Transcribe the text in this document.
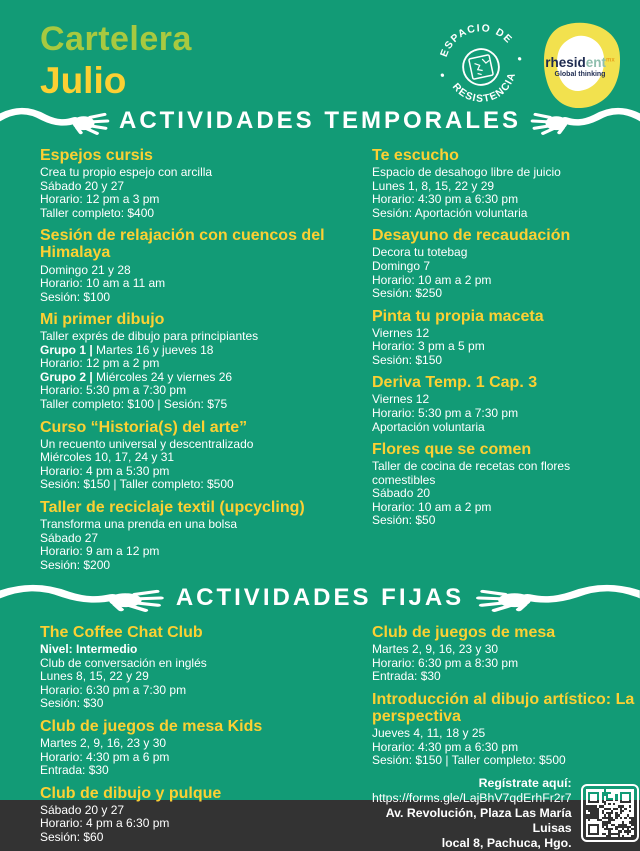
Cartelera
Julio
ESPACIO DE
RESISTENCIA
rhesident$^{mx}$
Global thinking
ACTIVIDADES TEMPORALES
Espejos cursis

Crea tu propio espejo con arcilla

Sábado 20 y 27

Horario: 12 pm a 3 pm

Taller completo: $400

Sesión de relajación con cuencos del Himalaya

Domingo 21 y 28

Horario: 10 am a 11 am

Sesión: $100

Mi primer dibujo

Taller exprés de dibujo para principiantes

Grupo 1 | Martes 16 y jueves 18

Horario: 12 pm a 2 pm

Grupo 2 | Miércoles 24 y viernes 26

Horario: 5:30 pm a 7:30 pm

Taller completo: $100 | Sesión: $75

Curso “Historia(s) del arte”

Un recuento universal y descentralizado

Miércoles 10, 17, 24 y 31

Horario: 4 pm a 5:30 pm

Sesión: $150 | Taller completo: $500

Taller de reciclaje textil (upcycling)

Transforma una prenda en una bolsa

Sábado 27

Horario: 9 am a 12 pm

Sesión: $200

Te escucho

Espacio de desahogo libre de juicio

Lunes 1, 8, 15, 22 y 29

Horario: 4:30 pm a 6:30 pm

Sesión: Aportación voluntaria

Desayuno de recaudación

Decora tu totebag

Domingo 7

Horario: 10 am a 2 pm

Sesión: $250

Pinta tu propia maceta

Viernes 12

Horario: 3 pm a 5 pm

Sesión: $150

Deriva Temp. 1 Cap. 3

Viernes 12

Horario: 5:30 pm a 7:30 pm

Aportación voluntaria

Flores que se comen

Taller de cocina de recetas con flores comestibles

Sábado 20

Horario: 10 am a 2 pm

Sesión: $50

ACTIVIDADES FIJAS
The Coffee Chat Club

Nivel: Intermedio

Club de conversación en inglés

Lunes 8, 15, 22 y 29

Horario: 6:30 pm a 7:30 pm

Sesión: $30

Club de juegos de mesa Kids

Martes 2, 9, 16, 23 y 30

Horario: 4:30 pm a 6 pm

Entrada: $30

Club de dibujo y pulque

Sábado 20 y 27

Horario: 4 pm a 6:30 pm

Sesión: $60

Club de juegos de mesa

Martes 2, 9, 16, 23 y 30

Horario: 6:30 pm a 8:30 pm

Entrada: $30

Introducción al dibujo artístico: La perspectiva

Jueves 4, 11, 18 y 25

Horario: 4:30 pm a 6:30 pm

Sesión: $150 | Taller completo: $500

Regístrate aquí:
https://forms.gle/LajBhV7qdErhFr2r7
Av. Revolución, Plaza Las María Luisas
local 8, Pachuca, Hgo.
